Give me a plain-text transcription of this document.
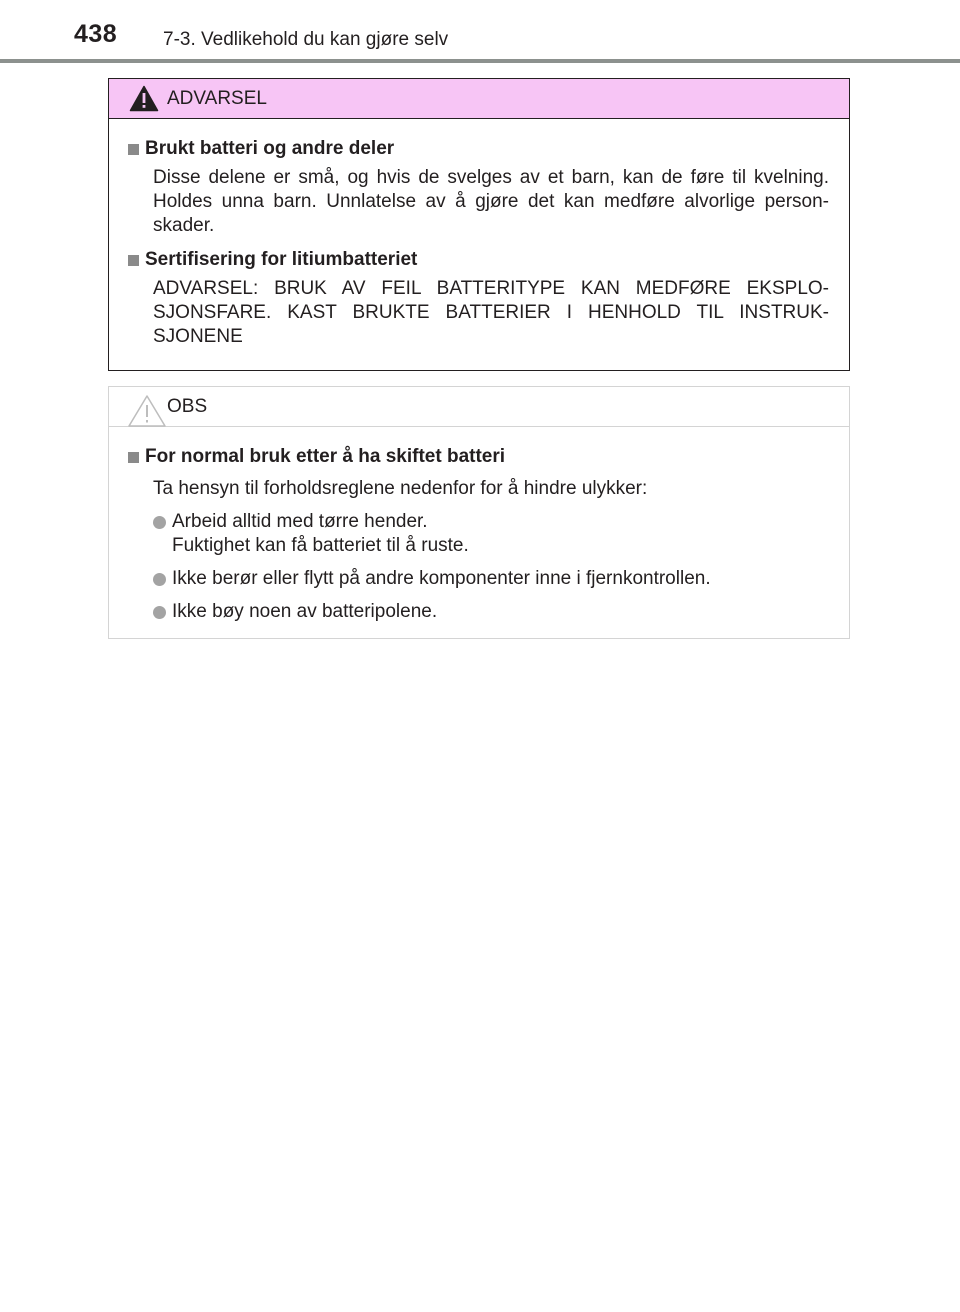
438 7-3. Vedlikehold du kan gjøre selv
ADVARSEL
Brukt batteri og andre deler
Disse delene er små, og hvis de svelges av et barn, kan de føre til kvelning. Holdes unna barn. Unnlatelse av å gjøre det kan medføre alvorlige person-skader.
Sertifisering for litiumbatteriet
ADVARSEL: BRUK AV FEIL BATTERITYPE KAN MEDFØRE EKSPLO-SJONSFARE. KAST BRUKTE BATTERIER I HENHOLD TIL INSTRUK-SJONENE
OBS
For normal bruk etter å ha skiftet batteri
Ta hensyn til forholdsreglene nedenfor for å hindre ulykker:
Arbeid alltid med tørre hender.
Fuktighet kan få batteriet til å ruste.
Ikke berør eller flytt på andre komponenter inne i fjernkontrollen.
Ikke bøy noen av batteripolene.
